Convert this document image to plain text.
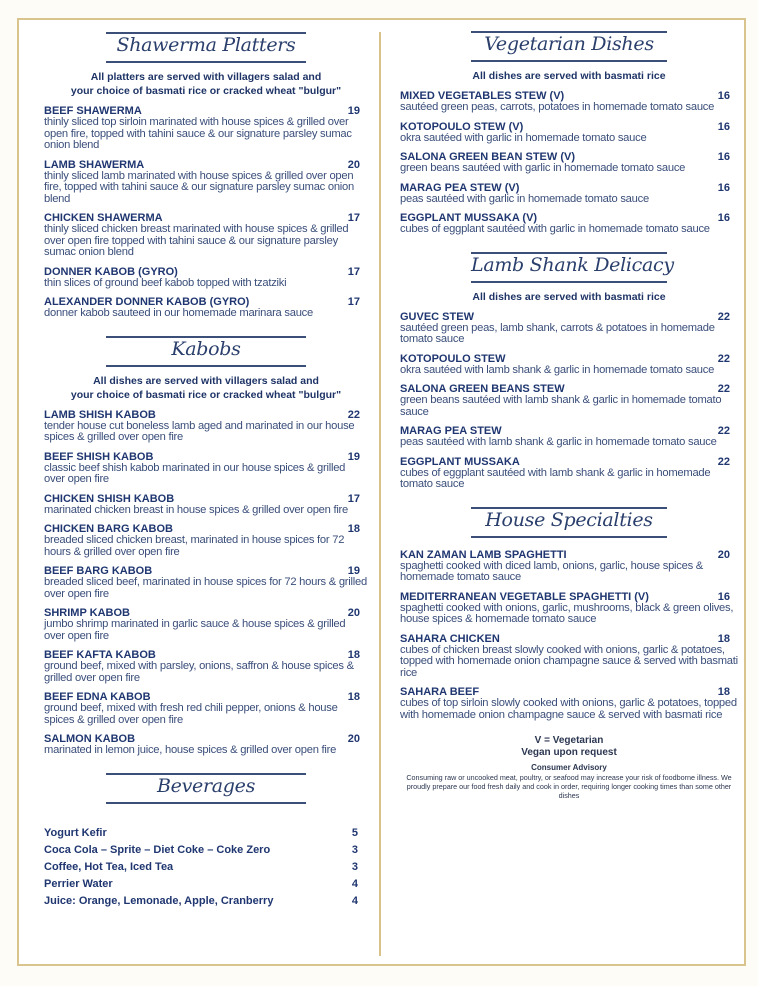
Shawerma Platters
All platters are served with villagers salad and
your choice of basmati rice or cracked wheat "bulgur"
BEEF SHAWERMA	19
thinly sliced top sirloin marinated with house spices & grilled over open fire, topped with tahini sauce & our signature parsley sumac onion blend
LAMB SHAWERMA	20
thinly sliced lamb marinated with house spices & grilled over open fire, topped with tahini sauce & our signature parsley sumac onion blend
CHICKEN SHAWERMA	17
thinly sliced chicken breast marinated with house spices & grilled over open fire topped with tahini sauce & our signature parsley sumac onion blend
DONNER KABOB (GYRO)	17
thin slices of ground beef kabob topped with tzatziki
ALEXANDER DONNER KABOB (GYRO)	17
donner kabob sauteed in our homemade marinara sauce
Kabobs
All dishes are served with villagers salad and
your choice of basmati rice or cracked wheat "bulgur"
LAMB SHISH KABOB	22
tender house cut boneless lamb aged and marinated in our house spices & grilled over open fire
BEEF SHISH KABOB	19
classic beef shish kabob marinated in our house spices & grilled over open fire
CHICKEN SHISH KABOB	17
marinated chicken breast in house spices & grilled over open fire
CHICKEN BARG KABOB	18
breaded sliced chicken breast, marinated in house spices for 72 hours & grilled over open fire
BEEF BARG KABOB	19
breaded sliced beef, marinated in house spices for 72 hours & grilled over open fire
SHRIMP KABOB	20
jumbo shrimp marinated in garlic sauce & house spices & grilled over open fire
BEEF KAFTA KABOB	18
ground beef, mixed with parsley, onions, saffron & house spices & grilled over open fire
BEEF EDNA KABOB	18
ground beef, mixed with fresh red chili pepper, onions & house spices & grilled over open fire
SALMON KABOB	20
marinated in lemon juice, house spices & grilled over open fire
Beverages
Yogurt Kefir	5
Coca Cola – Sprite – Diet Coke – Coke Zero	3
Coffee, Hot Tea, Iced Tea	3
Perrier Water	4
Juice: Orange, Lemonade, Apple, Cranberry	4
Vegetarian Dishes
All dishes are served with basmati rice
MIXED VEGETABLES STEW (V)	16
sautéed green peas, carrots, potatoes in homemade tomato sauce
KOTOPOULO STEW (V)	16
okra sautéed with garlic in homemade tomato sauce
SALONA GREEN BEAN STEW (V)	16
green beans sautéed with garlic in homemade tomato sauce
MARAG PEA STEW (V)	16
peas sautéed with garlic in homemade tomato sauce
EGGPLANT MUSSAKA (V)	16
cubes of eggplant sautéed with garlic in homemade tomato sauce
Lamb Shank Delicacy
All dishes are served with basmati rice
GUVEC STEW	22
sautéed green peas, lamb shank, carrots & potatoes in homemade tomato sauce
KOTOPOULO STEW	22
okra sautéed with lamb shank & garlic in homemade tomato sauce
SALONA GREEN BEANS STEW	22
green beans sautéed with lamb shank & garlic in homemade tomato sauce
MARAG PEA STEW	22
peas sautéed with lamb shank & garlic in homemade tomato sauce
EGGPLANT MUSSAKA	22
cubes of eggplant sautéed with lamb shank & garlic in homemade tomato sauce
House Specialties
KAN ZAMAN LAMB SPAGHETTI	20
spaghetti cooked with diced lamb, onions, garlic, house spices & homemade tomato sauce
MEDITERRANEAN VEGETABLE SPAGHETTI (V)	16
spaghetti cooked with onions, garlic, mushrooms, black & green olives, house spices & homemade tomato sauce
SAHARA CHICKEN	18
cubes of chicken breast slowly cooked with onions, garlic & potatoes, topped with homemade onion champagne sauce & served with basmati rice
SAHARA BEEF	18
cubes of top sirloin slowly cooked with onions, garlic & potatoes, topped with homemade onion champagne sauce & served with basmati rice
V = Vegetarian
Vegan upon request
Consumer Advisory
Consuming raw or uncooked meat, poultry, or seafood may increase your risk of foodborne illness. We proudly prepare our food fresh daily and cook in order, requiring longer cooking times than some other dishes
